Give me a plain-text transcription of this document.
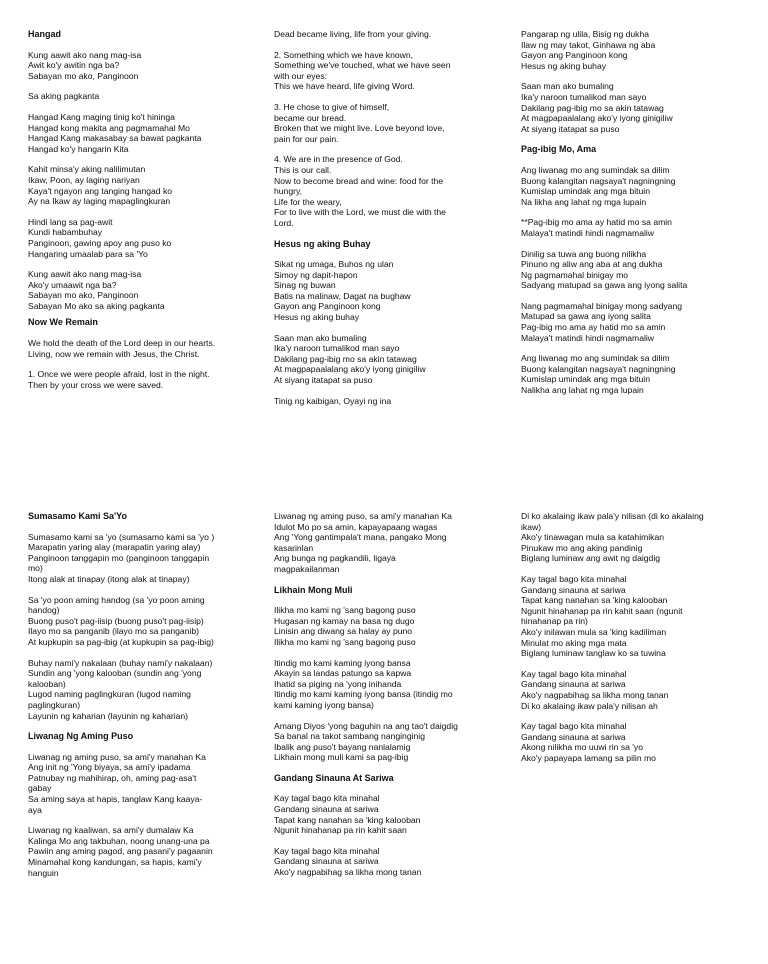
Hangad

Kung aawit ako nang mag-isa

Awit ko'y awitin nga ba?

Sabayan mo ako, Panginoon

Sa aking pagkanta

Hangad Kang maging tinig ko't hininga

Hangad kong makita ang pagmamahal Mo

Hangad Kang makasabay sa bawat pagkanta

Hangad ko'y hangarin Kita

Kahit minsa'y aking nalilimutan

Ikaw, Poon, ay laging nariyan

Kaya't ngayon ang tanging hangad ko

Ay na Ikaw ay laging mapaglingkuran

Hindi lang sa pag-awit

Kundi habambuhay

Panginoon, gawing apoy ang puso ko

Hangaring umaalab para sa 'Yo

Kung aawit ako nang mag-isa

Ako'y umaawit nga ba?

Sabayan mo ako, Panginoon

Sabayan Mo ako sa aking pagkanta

Now We Remain

We hold the death of the Lord deep in our hearts.

Living, now we remain with Jesus, the Christ.

1. Once we were people afraid, lost in the night.

Then by your cross we were saved.

Dead became living, life from your giving.

2. Something which we have known,

Something we've touched, what we have seen

with our eyes:

This we have heard, life giving Word.

3. He chose to give of himself,

became our bread.

Broken that we might live. Love beyond love,

pain for our pain.

4. We are in the presence of God.

This is our call.

Now to become bread and wine: food for the

hungry,

Life for the weary,

For to live with the Lord, we must die with the

Lord.

Hesus ng aking Buhay

Sikat ng umaga, Buhos ng ulan

Simoy ng dapit-hapon

Sinag ng buwan

Batis na malinaw, Dagat na bughaw

Gayon ang Panginoon kong

Hesus ng aking buhay

Saan man ako bumaling

Ika'y naroon tumalikod man sayo

Dakilang pag-ibig mo sa akin tatawag

At magpapaalalang ako'y iyong ginigiliw

At siyang itatapat sa puso

Tinig ng kaibigan, Oyayi ng ina

Pangarap ng ulila, Bisig ng dukha

Ilaw ng may takot, Ginhawa ng aba

Gayon ang Panginoon kong

Hesus ng aking buhay

Saan man ako bumaling

Ika'y naroon tumalikod man sayo

Dakilang pag-ibig mo sa akin tatawag

At magpapaalalang ako'y iyong ginigiliw

At siyang itatapat sa puso

Pag-ibig Mo, Ama

Ang liwanag mo ang sumindak sa dilim

Buong kalangitan nagsaya't nagningning

Kumislap umindak ang mga bituin

Na likha ang lahat ng mga lupain

**Pag-ibig mo ama ay hatid mo sa amin

Malaya't matindi hindi nagmamaliw

Dinilig sa tuwa ang buong nilikha

Pinuno ng aliw ang aba at ang dukha

Ng pagmamahal binigay mo

Sadyang matupad sa gawa ang iyong salita

Nang pagmamahal binigay mong sadyang

Matupad sa gawa ang iyong salita

Pag-ibig mo ama ay hatid mo sa amin

Malaya't matindi hindi nagmamaliw

Ang liwanag mo ang sumindak sa dilim

Buong kalangitan nagsaya't nagningning

Kumislap umindak ang mga bituin

Nalikha ang lahat ng mga lupain

Sumasamo Kami Sa'Yo

Sumasamo kami sa 'yo (sumasamo kami sa 'yo )

Marapatin yaring alay (marapatin yaring alay)

Panginoon tanggapin mo (panginoon tanggapin

mo)

Itong alak at tinapay (itong alak at tinapay)

Sa 'yo poon aming handog (sa 'yo poon aming

handog)

Buong puso't pag-iisip (buong puso't pag-iisip)

Ilayo mo sa panganib (ilayo mo sa panganib)

At kupkupin sa pag-ibig (at kupkupin sa pag-ibig)

Buhay nami'y nakalaan (buhay nami'y nakalaan)

Sundin ang 'yong kalooban (sundin ang 'yong

kalooban)

Lugod naming paglingkuran (lugod naming

paglingkuran)

Layunin ng kaharian (layunin ng kaharian)

Liwanag Ng Aming Puso

Liwanag ng aming puso, sa ami'y manahan Ka

Ang init ng 'Yong biyaya, sa ami'y ipadama

Patnubay ng mahihirap, oh, aming pag-asa't

gabay

Sa aming saya at hapis, tanglaw Kang kaaya-

aya

Liwanag ng kaaliwan, sa ami'y dumalaw Ka

Kalinga Mo ang takbuhan, noong unang-una pa

Pawiin ang aming pagod, ang pasani'y pagaanin

Minamahal kong kandungan, sa hapis, kami'y

hanguin

Liwanag ng aming puso, sa ami'y manahan Ka

Idulot Mo po sa amin, kapayapaang wagas

Ang 'Yong gantimpala't mana, pangako Mong

kasarinlan

Ang bunga ng pagkandili, ligaya

magpakailanman

Likhain Mong Muli

Ilikha mo kami ng 'sang bagong puso

Hugasan ng kamay na basa ng dugo

Linisin ang diwang sa halay ay puno

Ilikha mo kami ng 'sang bagong puso

Itindig mo kami kaming iyong bansa

Akayin sa landas patungo sa kapwa

Ihatid sa piging na 'yong inihanda

Itindig mo kami kaming iyong bansa (itindig mo

kami kaming iyong bansa)

Amang Diyos 'yong baguhin na ang tao't daigdig

Sa banal na takot sambang nanginginig

Ibalik ang puso't bayang nanlalamig

Likhain mong muli kami sa pag-ibig

Gandang Sinauna At Sariwa

Kay tagal bago kita minahal

Gandang sinauna at sariwa

Tapat kang nanahan sa 'king kalooban

Ngunit hinahanap pa rin kahit saan

Kay tagal bago kita minahal

Gandang sinauna at sariwa

Ako'y nagpabihag sa likha mong tanan

Di ko akalaing ikaw pala'y nilisan (di ko akalaing

ikaw)

Ako'y tinawagan mula sa katahimikan

Pinukaw mo ang aking pandinig

Biglang luminaw ang awit ng daigdig

Kay tagal bago kita minahal

Gandang sinauna at sariwa

Tapat kang nanahan sa 'king kalooban

Ngunit hinahanap pa rin kahit saan (ngunit

hinahanap pa rin)

Ako'y inilawan mula sa 'king kadiliman

Minulat mo aking mga mata

Biglang luminaw tanglaw ko sa tuwina

Kay tagal bago kita minahal

Gandang sinauna at sariwa

Ako'y nagpabihag sa likha mong tanan

Di ko akalaing ikaw pala'y nilisan ah

Kay tagal bago kita minahal

Gandang sinauna at sariwa

Akong nilikha mo uuwi rin sa 'yo

Ako'y papayapa lamang sa pilin mo
